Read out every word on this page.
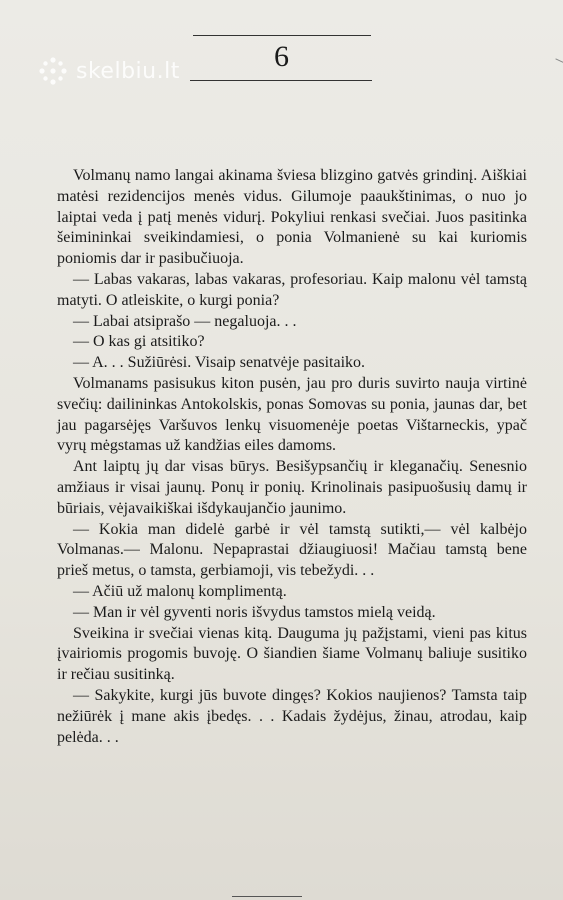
skelbiu.lt	6

Volmanų namo langai akinama šviesa blizgino gatvės grindinį. Aiškiai matėsi rezidencijos menės vidus. Gilumoje paaukštinimas, o nuo jo laiptai veda į patį menės vidurį. Pokyliui renkasi svečiai. Juos pasitinka šeimininkai sveikindamiesi, o ponia Volmanienė su kai kuriomis poniomis dar ir pasibučiuoja.

— Labas vakaras, labas vakaras, profesoriau. Kaip malonu vėl tamstą matyti. O atleiskite, o kurgi ponia?

— Labai atsiprašo — negaluoja. . .

— O kas gi atsitiko?

— A. . . Sužiūrėsi. Visaip senatvėje pasitaiko.

Volmanams pasisukus kiton pusėn, jau pro duris suvirto nauja virtinė svečių: dailininkas Antokolskis, ponas Somovas su ponia, jaunas dar, bet jau pagarsėjęs Varšuvos lenkų visuomenėje poetas Vištarneckis, ypač vyrų mėgstamas už kandžias eiles damoms.

Ant laiptų jų dar visas būrys. Besišypsančių ir kleganačių. Senesnio amžiaus ir visai jaunų. Ponų ir ponių. Krinolinais pasipuošusių damų ir būriais, vėjavaikiškai išdykaujančio jaunimo.

— Kokia man didelė garbė ir vėl tamstą sutikti,— vėl kalbėjo Volmanas.— Malonu. Nepaprastai džiaugiuosi! Mačiau tamstą bene prieš metus, o tamsta, gerbiamoji, vis tebežydi. . .

— Ačiū už malonų komplimentą.

— Man ir vėl gyventi noris išvydus tamstos mielą veidą.

Sveikina ir svečiai vienas kitą. Dauguma jų pažįstami, vieni pas kitus įvairiomis progomis buvoję. O šiandien šiame Volmanų baliuje susitiko ir rečiau susitinką.

— Sakykite, kurgi jūs buvote dingęs? Kokios naujienos? Tamsta taip nežiūrėk į mane akis įbedęs. . . Kadais žydėjus, žinau, atrodau, kaip pelėda. . .
